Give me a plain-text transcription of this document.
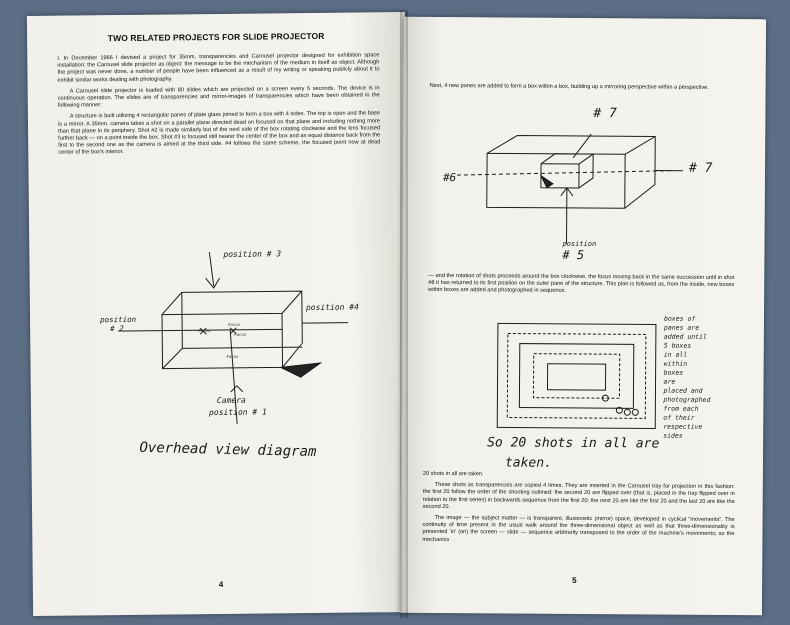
TWO RELATED PROJECTS FOR SLIDE PROJECTOR

I. In December 1966 I devised a project for 35mm. transparencies and Carousel projector designed for exhibition space installation: the Carousel slide projector as object: the message to be the mechanism of the medium in itself as object. Although the project was never done, a number of people have been influenced as a result of my writing or speaking publicly about it to exhibit similar works dealing with photography.

A Carousel slide projector is loaded with 80 slides which are projected on a screen every 5 seconds. The device is in continuous operation. The slides are of transparencies and mirror-images of transparencies which have been obtained in the following manner:

A structure is built utilizing 4 rectangular panes of plate glass joined to form a box with 4 sides. The top is open and the base is a mirror. A 35mm. camera takes a shot on a parallel plane directed dead on focused on that plane and including nothing more than that plane in its periphery. Shot #2 is made similarly but of the next side of the box rotating clockwise and the lens focused further back — on a point inside the box. Shot #3 is focused still nearer the center of the box and an equal distance back from the first to the second one as the camera is aimed at the third side. #4 follows the same scheme, the focused point now at dead center of the box's interior.

position # 3
position #4
position
# 2	Focus
Focus
Focus
Focus
Camera
position # 1
Overhead view diagram
4
Next, 4 new panes are added to form a box within a box, building up a mirroring perspective within a perspective.
# 7
# 7
#6
position
# 5
— and the rotation of shots proceeds around the box clockwise, the focus moving back in the same succession until in shot #8 it has returned to its first position on the outer pane of the structure. This plan is followed as, from the inside, new boxes within boxes are added and photographed in sequence.
boxes of
panes are
added until
5 boxes
in all
within
boxes
are
placed and
photographed
from each
of their
respective
sides
So 20 shots in all are
taken.

20 shots in all are taken.

These shots as transparencies are copied 4 times. They are inserted in the Carousel tray for projection in this fashion: the first 20 follow the order of the shooting outlined: the second 20 are flipped over (that is, placed in the tray flipped over in relation to the first series) in backwards sequence from the first 20; the next 20 are like the first 20 and the last 20 are like the second 20.

The image — the subject matter — is transparent, illusionistic (mirror) space, developed in cyclical "movements". The continuity of time present in the usual walk around the three-dimensional object as well as that three-dimensionality is presented 'in' (on) the screen — slide — sequence arbitrarily transposed to the order of the machine's movements; so the mechanics

5
